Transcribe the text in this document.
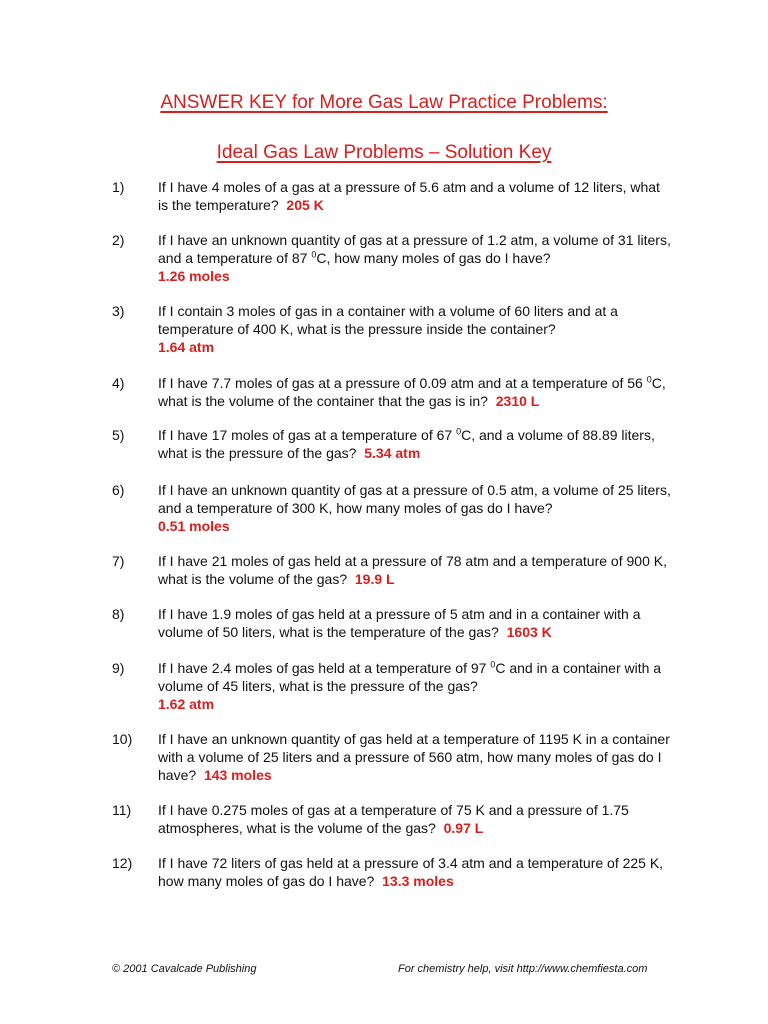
ANSWER KEY for More Gas Law Practice Problems:
Ideal Gas Law Problems – Solution Key
1)	If I have 4 moles of a gas at a pressure of 5.6 atm and a volume of 12 liters, what is the temperature? 205 K
2)	If I have an unknown quantity of gas at a pressure of 1.2 atm, a volume of 31 liters, and a temperature of 87 $^0$C, how many moles of gas do I have?
1.26 moles
3)	If I contain 3 moles of gas in a container with a volume of 60 liters and at a temperature of 400 K, what is the pressure inside the container?
1.64 atm
4)	If I have 7.7 moles of gas at a pressure of 0.09 atm and at a temperature of 56 $^0$C, what is the volume of the container that the gas is in? 2310 L
5)	If I have 17 moles of gas at a temperature of 67 $^0$C, and a volume of 88.89 liters, what is the pressure of the gas? 5.34 atm
6)	If I have an unknown quantity of gas at a pressure of 0.5 atm, a volume of 25 liters, and a temperature of 300 K, how many moles of gas do I have?
0.51 moles
7)	If I have 21 moles of gas held at a pressure of 78 atm and a temperature of 900 K, what is the volume of the gas? 19.9 L
8)	If I have 1.9 moles of gas held at a pressure of 5 atm and in a container with a volume of 50 liters, what is the temperature of the gas? 1603 K
9)	If I have 2.4 moles of gas held at a temperature of 97 $^0$C and in a container with a volume of 45 liters, what is the pressure of the gas?
1.62 atm
10)	If I have an unknown quantity of gas held at a temperature of 1195 K in a container with a volume of 25 liters and a pressure of 560 atm, how many moles of gas do I have? 143 moles
11)	If I have 0.275 moles of gas at a temperature of 75 K and a pressure of 1.75 atmospheres, what is the volume of the gas? 0.97 L
12)	If I have 72 liters of gas held at a pressure of 3.4 atm and a temperature of 225 K, how many moles of gas do I have? 13.3 moles
© 2001 Cavalcade Publishing	For chemistry help, visit http://www.chemfiesta.com
